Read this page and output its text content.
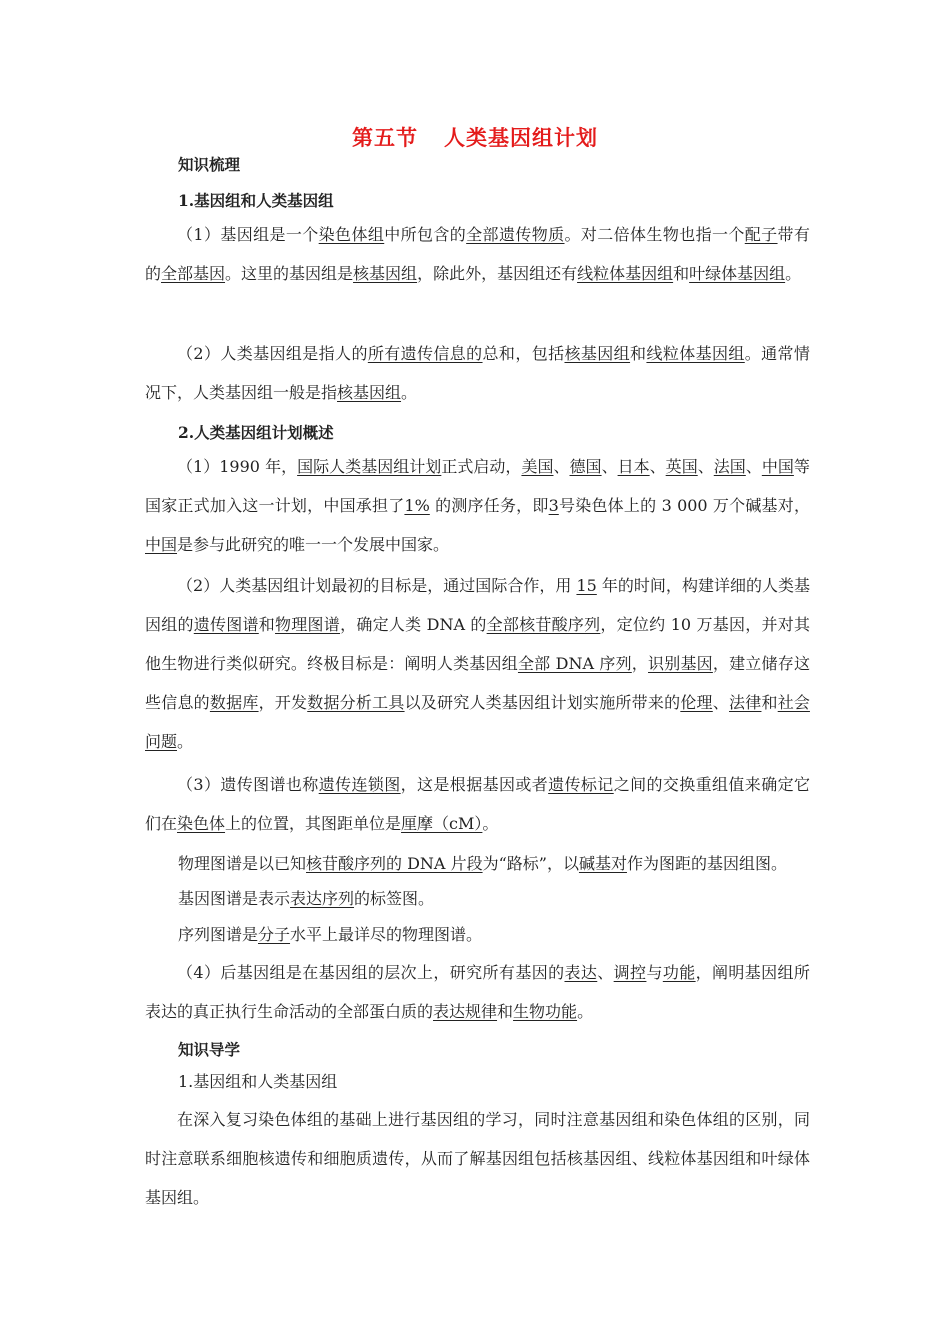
第五节 人类基因组计划
知识梳理
1.基因组和人类基因组
（1）基因组是一个染色体组中所包含的全部遗传物质。对二倍体生物也指一个配子带有的全部基因。这里的基因组是核基因组，除此外，基因组还有线粒体基因组和叶绿体基因组。
（2）人类基因组是指人的所有遗传信息的总和，包括核基因组和线粒体基因组。通常情况下，人类基因组一般是指核基因组。
2.人类基因组计划概述
（1）1990 年，国际人类基因组计划正式启动，美国、德国、日本、英国、法国、中国等国家正式加入这一计划，中国承担了1% 的测序任务，即3号染色体上的 3 000 万个碱基对，中国是参与此研究的唯一一个发展中国家。
（2）人类基因组计划最初的目标是，通过国际合作，用 15 年的时间，构建详细的人类基因组的遗传图谱和物理图谱，确定人类 DNA 的全部核苷酸序列，定位约 10 万基因，并对其他生物进行类似研究。终极目标是：阐明人类基因组全部 DNA 序列，识别基因，建立储存这些信息的数据库，开发数据分析工具以及研究人类基因组计划实施所带来的伦理、法律和社会问题。
（3）遗传图谱也称遗传连锁图，这是根据基因或者遗传标记之间的交换重组值来确定它们在染色体上的位置，其图距单位是厘摩（cM）。
物理图谱是以已知核苷酸序列的 DNA 片段为“路标”，以碱基对作为图距的基因组图。
基因图谱是表示表达序列的标签图。
序列图谱是分子水平上最详尽的物理图谱。
（4）后基因组是在基因组的层次上，研究所有基因的表达、调控与功能，阐明基因组所表达的真正执行生命活动的全部蛋白质的表达规律和生物功能。
知识导学
1.基因组和人类基因组
在深入复习染色体组的基础上进行基因组的学习，同时注意基因组和染色体组的区别，同时注意联系细胞核遗传和细胞质遗传，从而了解基因组包括核基因组、线粒体基因组和叶绿体基因组。
